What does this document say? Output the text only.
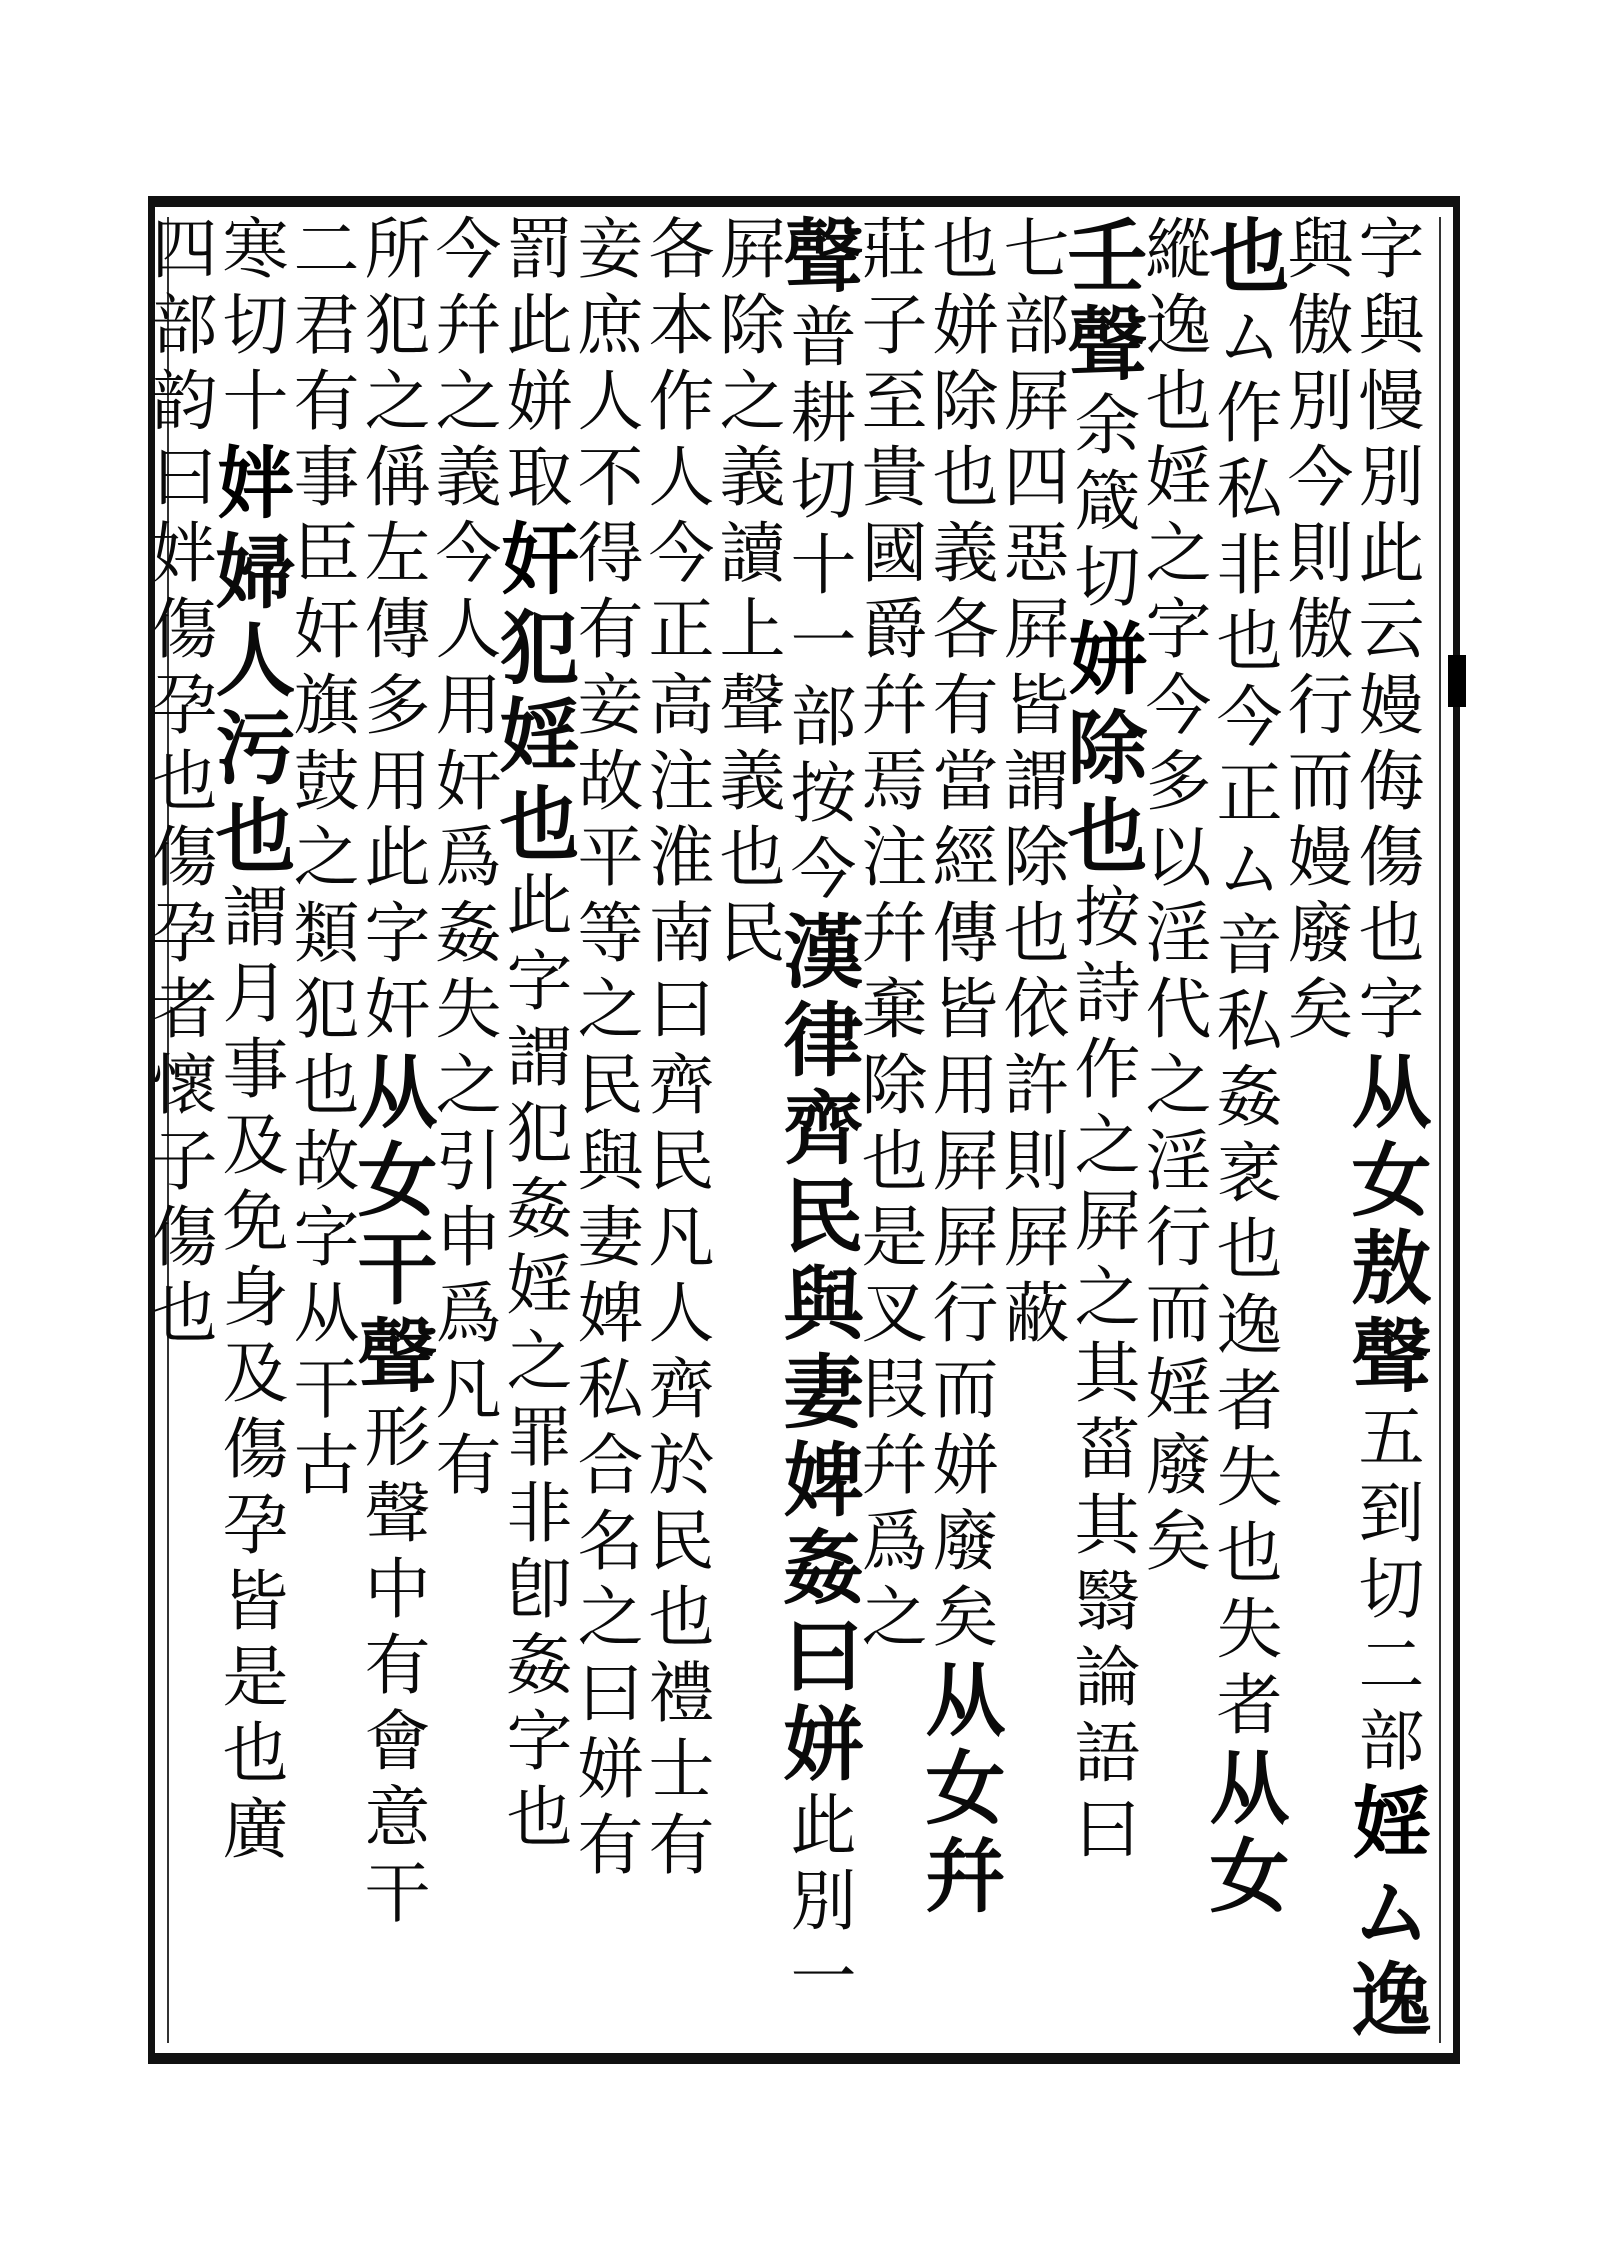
字與慢別此云嫚侮傷也字从女敖聲五到切二部婬ム逸
與傲別今則傲行而嫚廢矣
也ム作私非也今正ム音私姦衺也逸者失也失者从女
縱逸也婬之字今多以淫代之淫行而婬廢矣
壬聲余箴切姘除也按詩作之屛之其菑其翳論語曰
七部屛四惡屛皆謂除也依許則屛蔽
也姘除也義各有當經傳皆用屛屛行而姘廢矣从女幷
莊子至貴國爵幷焉注幷棄除也是叉叚幷爲之
聲普耕切十一部按今漢律齊民與妻婢姦曰姘此別一
屛除之義讀上聲義也民
各本作人今正高注淮南曰齊民凡人齊於民也禮士有
妾庶人不得有妾故平等之民與妻婢私合名之曰姘有
罰此姘取奸犯婬也此字謂犯姦婬之罪非卽姦字也
今幷之義今人用奸爲姦失之引申爲凡有
所犯之偁左傳多用此字奸从女干聲形聲中有會意干
二君有事臣奸旗鼓之類犯也故字从干古
寒切十姅婦人污也謂月事及免身及傷孕皆是也廣
四部韵曰姅傷孕也傷孕者懷子傷也
